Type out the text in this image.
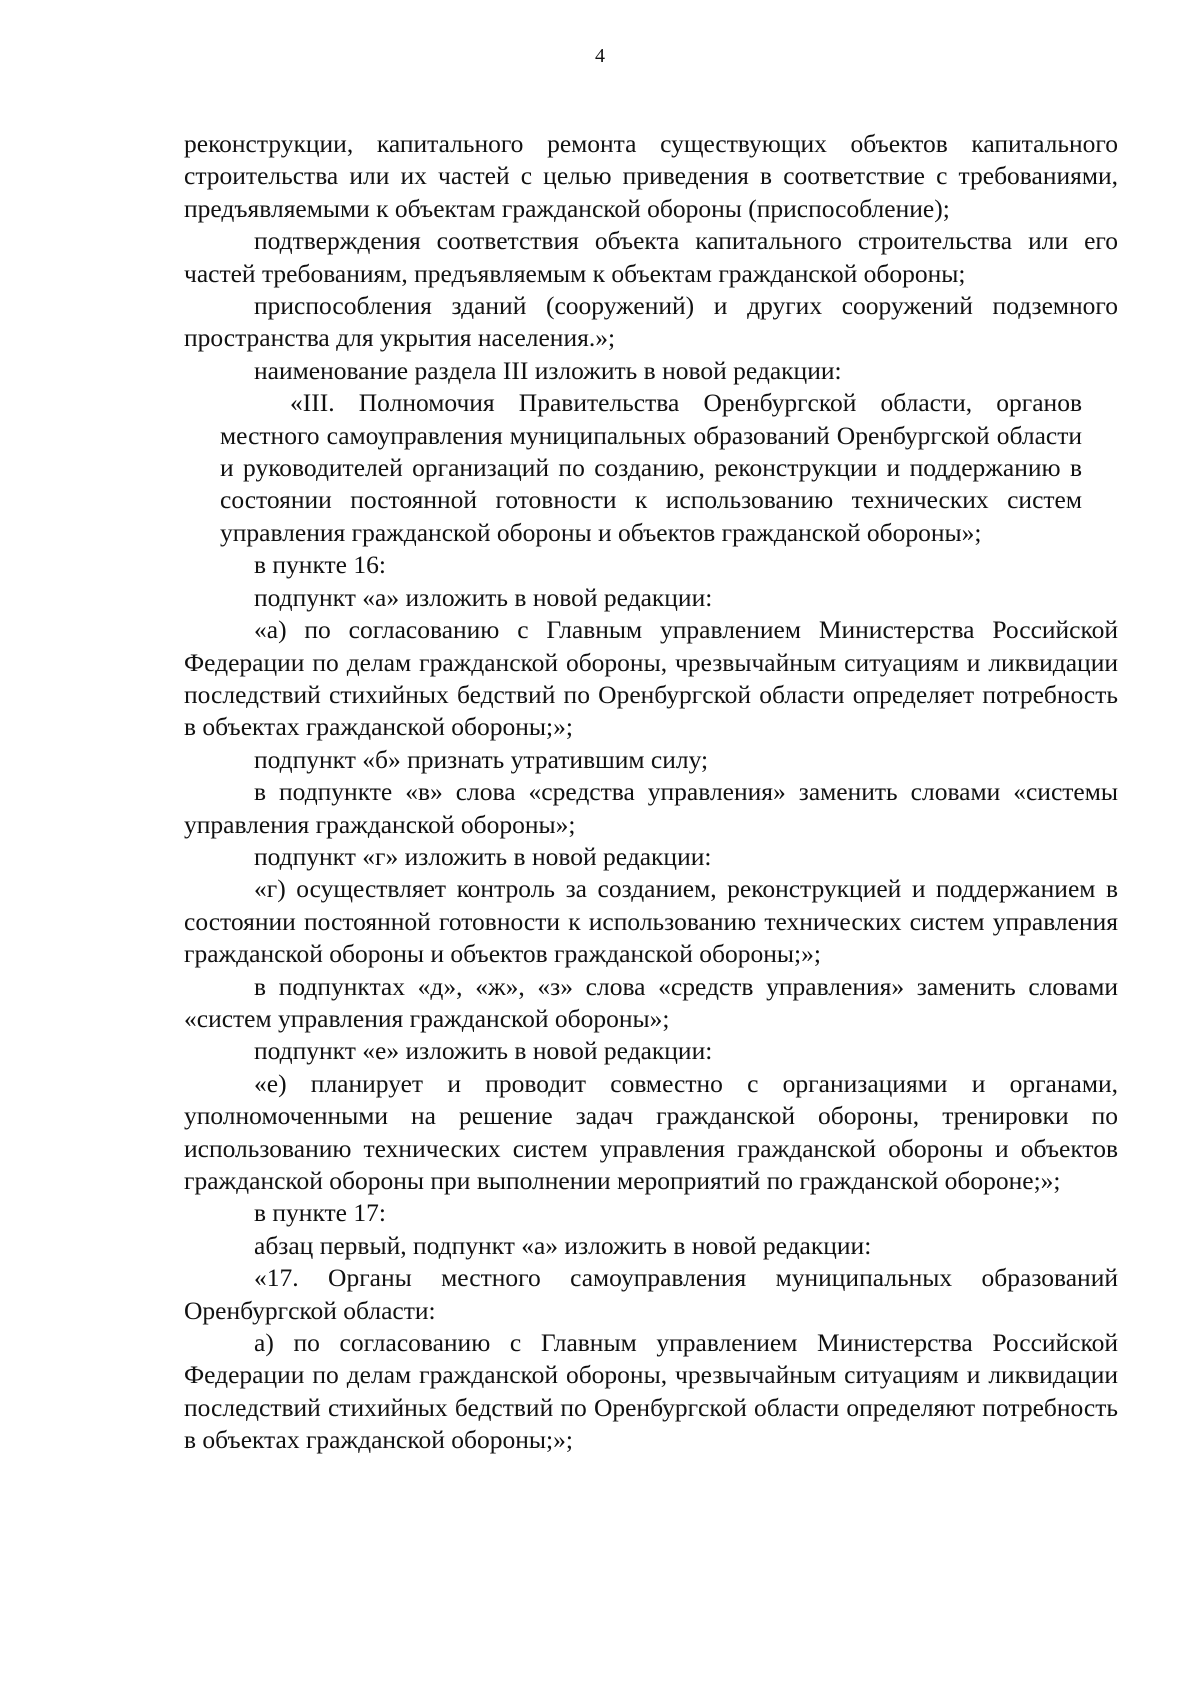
4

реконструкции, капитального ремонта существующих объектов капитального строительства или их частей с целью приведения в соответствие с требованиями, предъявляемыми к объектам гражданской обороны (приспособление);

подтверждения соответствия объекта капитального строительства или его частей требованиям, предъявляемым к объектам гражданской обороны;

приспособления зданий (сооружений) и других сооружений подземного пространства для укрытия населения.»;

наименование раздела III изложить в новой редакции:

«III. Полномочия Правительства Оренбургской области, органов местного самоуправления муниципальных образований Оренбургской области и руководителей организаций по созданию, реконструкции и поддержанию в состоянии постоянной готовности к использованию технических систем управления гражданской обороны и объектов гражданской обороны»;

в пункте 16:

подпункт «а» изложить в новой редакции:

«а) по согласованию с Главным управлением Министерства Российской Федерации по делам гражданской обороны, чрезвычайным ситуациям и ликвидации последствий стихийных бедствий по Оренбургской области определяет потребность в объектах гражданской обороны;»;

подпункт «б» признать утратившим силу;

в подпункте «в» слова «средства управления» заменить словами «системы управления гражданской обороны»;

подпункт «г» изложить в новой редакции:

«г) осуществляет контроль за созданием, реконструкцией и поддержанием в состоянии постоянной готовности к использованию технических систем управления гражданской обороны и объектов гражданской обороны;»;

в подпунктах «д», «ж», «з» слова «средств управления» заменить словами «систем управления гражданской обороны»;

подпункт «е» изложить в новой редакции:

«е) планирует и проводит совместно с организациями и органами, уполномоченными на решение задач гражданской обороны, тренировки по использованию технических систем управления гражданской обороны и объектов гражданской обороны при выполнении мероприятий по гражданской обороне;»;

в пункте 17:

абзац первый, подпункт «а» изложить в новой редакции:

«17. Органы местного самоуправления муниципальных образований Оренбургской области:

а) по согласованию с Главным управлением Министерства Российской Федерации по делам гражданской обороны, чрезвычайным ситуациям и ликвидации последствий стихийных бедствий по Оренбургской области определяют потребность в объектах гражданской обороны;»;
